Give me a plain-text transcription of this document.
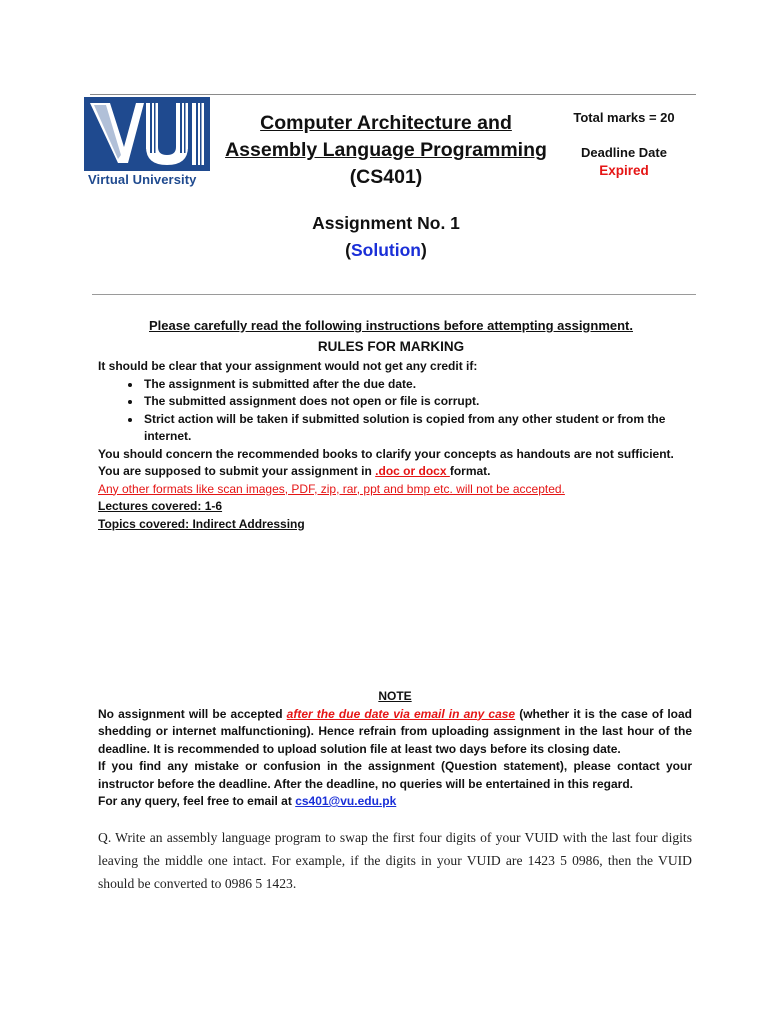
Virtual University
Computer Architecture and
Assembly Language Programming
(CS401)
Assignment No. 1
(Solution)
Total marks = 20
Deadline Date
Expired
Please carefully read the following instructions before attempting assignment.
RULES FOR MARKING

It should be clear that your assignment would not get any credit if:

• The assignment is submitted after the due date.
• The submitted assignment does not open or file is corrupt.
• Strict action will be taken if submitted solution is copied from any other student or from the internet.

You should concern the recommended books to clarify your concepts as handouts are not sufficient.

You are supposed to submit your assignment in .doc or docx format.

Any other formats like scan images, PDF, zip, rar, ppt and bmp etc. will not be accepted.

Lectures covered: 1-6

Topics covered: Indirect Addressing

NOTE

No assignment will be accepted after the due date via email in any case (whether it is the case of load shedding or internet malfunctioning). Hence refrain from uploading assignment in the last hour of the deadline. It is recommended to upload solution file at least two days before its closing date.

If you find any mistake or confusion in the assignment (Question statement), please contact your instructor before the deadline. After the deadline, no queries will be entertained in this regard.

For any query, feel free to email at cs401@vu.edu.pk

Q. Write an assembly language program to swap the first four digits of your VUID with the last four digits leaving the middle one intact. For example, if the digits in your VUID are 1423 5 0986, then the VUID should be converted to 0986 5 1423.
